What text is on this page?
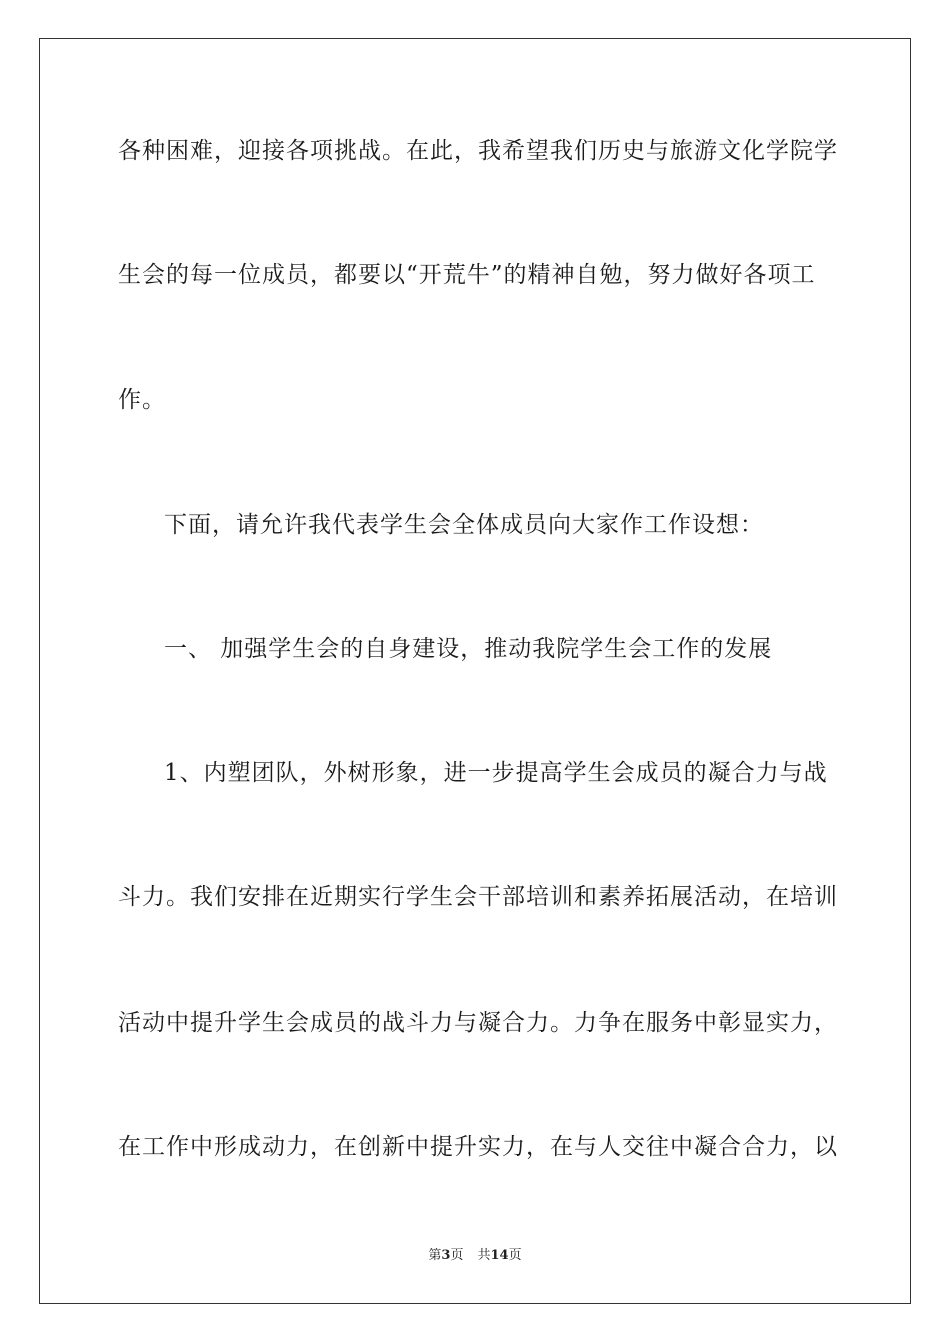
各种困难，迎接各项挑战。在此，我希望我们历史与旅游文化学院学
生会的每一位成员，都要以“开荒牛”的精神自勉，努力做好各项工
作。
下面，请允许我代表学生会全体成员向大家作工作设想：
一、 加强学生会的自身建设，推动我院学生会工作的发展
1、内塑团队，外树形象，进一步提高学生会成员的凝合力与战
斗力。我们安排在近期实行学生会干部培训和素养拓展活动，在培训
活动中提升学生会成员的战斗力与凝合力。力争在服务中彰显实力，
在工作中形成动力，在创新中提升实力，在与人交往中凝合合力，以
第3页 共14页
